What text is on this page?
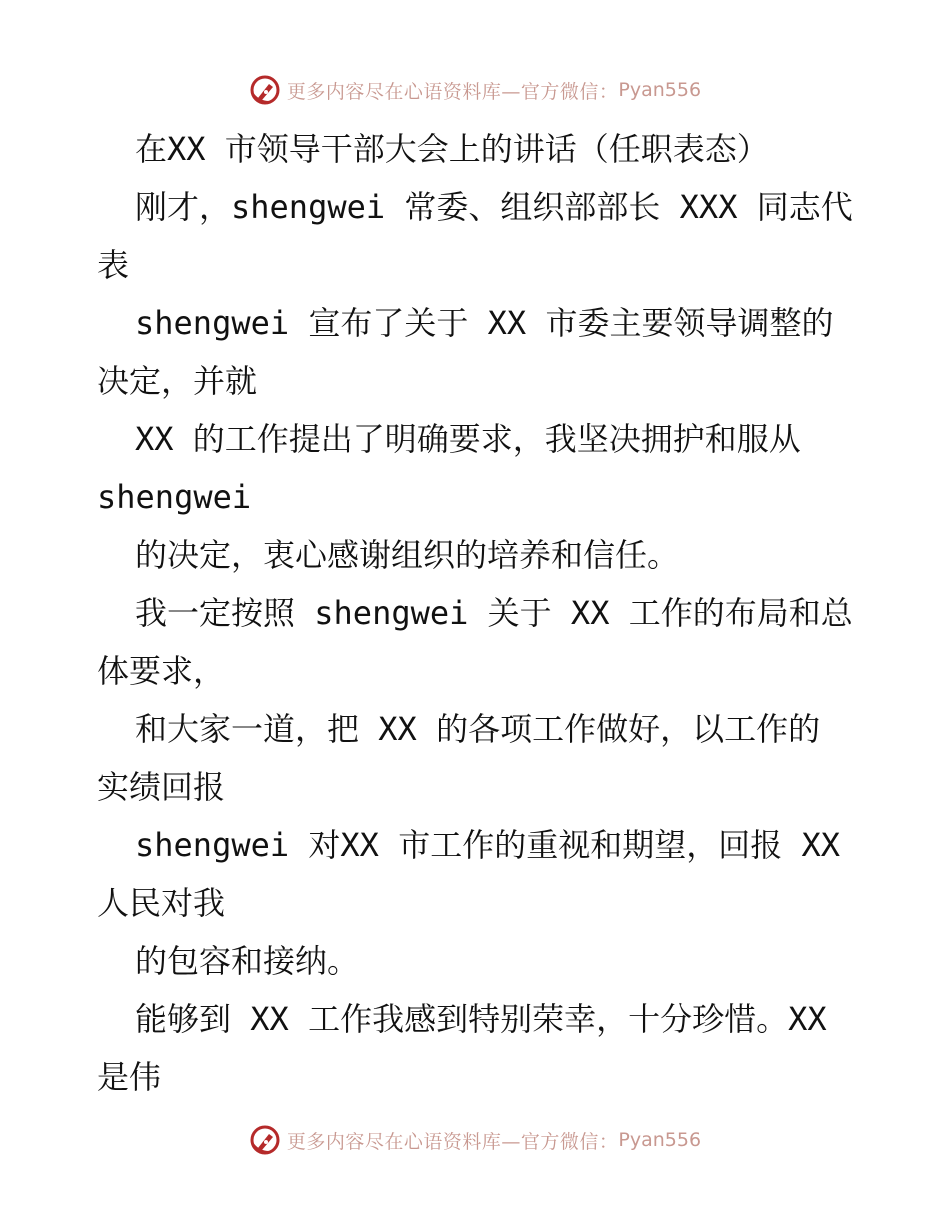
更多内容尽在心语资料库—官方微信： Pyan556
在XX 市领导干部大会上的讲话（任职表态）
刚才，shengwei 常委、组织部部长 XXX 同志代
表
shengwei 宣布了关于 XX 市委主要领导调整的
决定，并就
XX 的工作提出了明确要求，我坚决拥护和服从
shengwei
的决定，衷心感谢组织的培养和信任。
我一定按照 shengwei 关于 XX 工作的布局和总
体要求，
和大家一道，把 XX 的各项工作做好，以工作的
实绩回报
shengwei 对XX 市工作的重视和期望，回报 XX
人民对我
的包容和接纳。
能够到 XX 工作我感到特别荣幸，十分珍惜。XX
是伟
更多内容尽在心语资料库—官方微信： Pyan556
